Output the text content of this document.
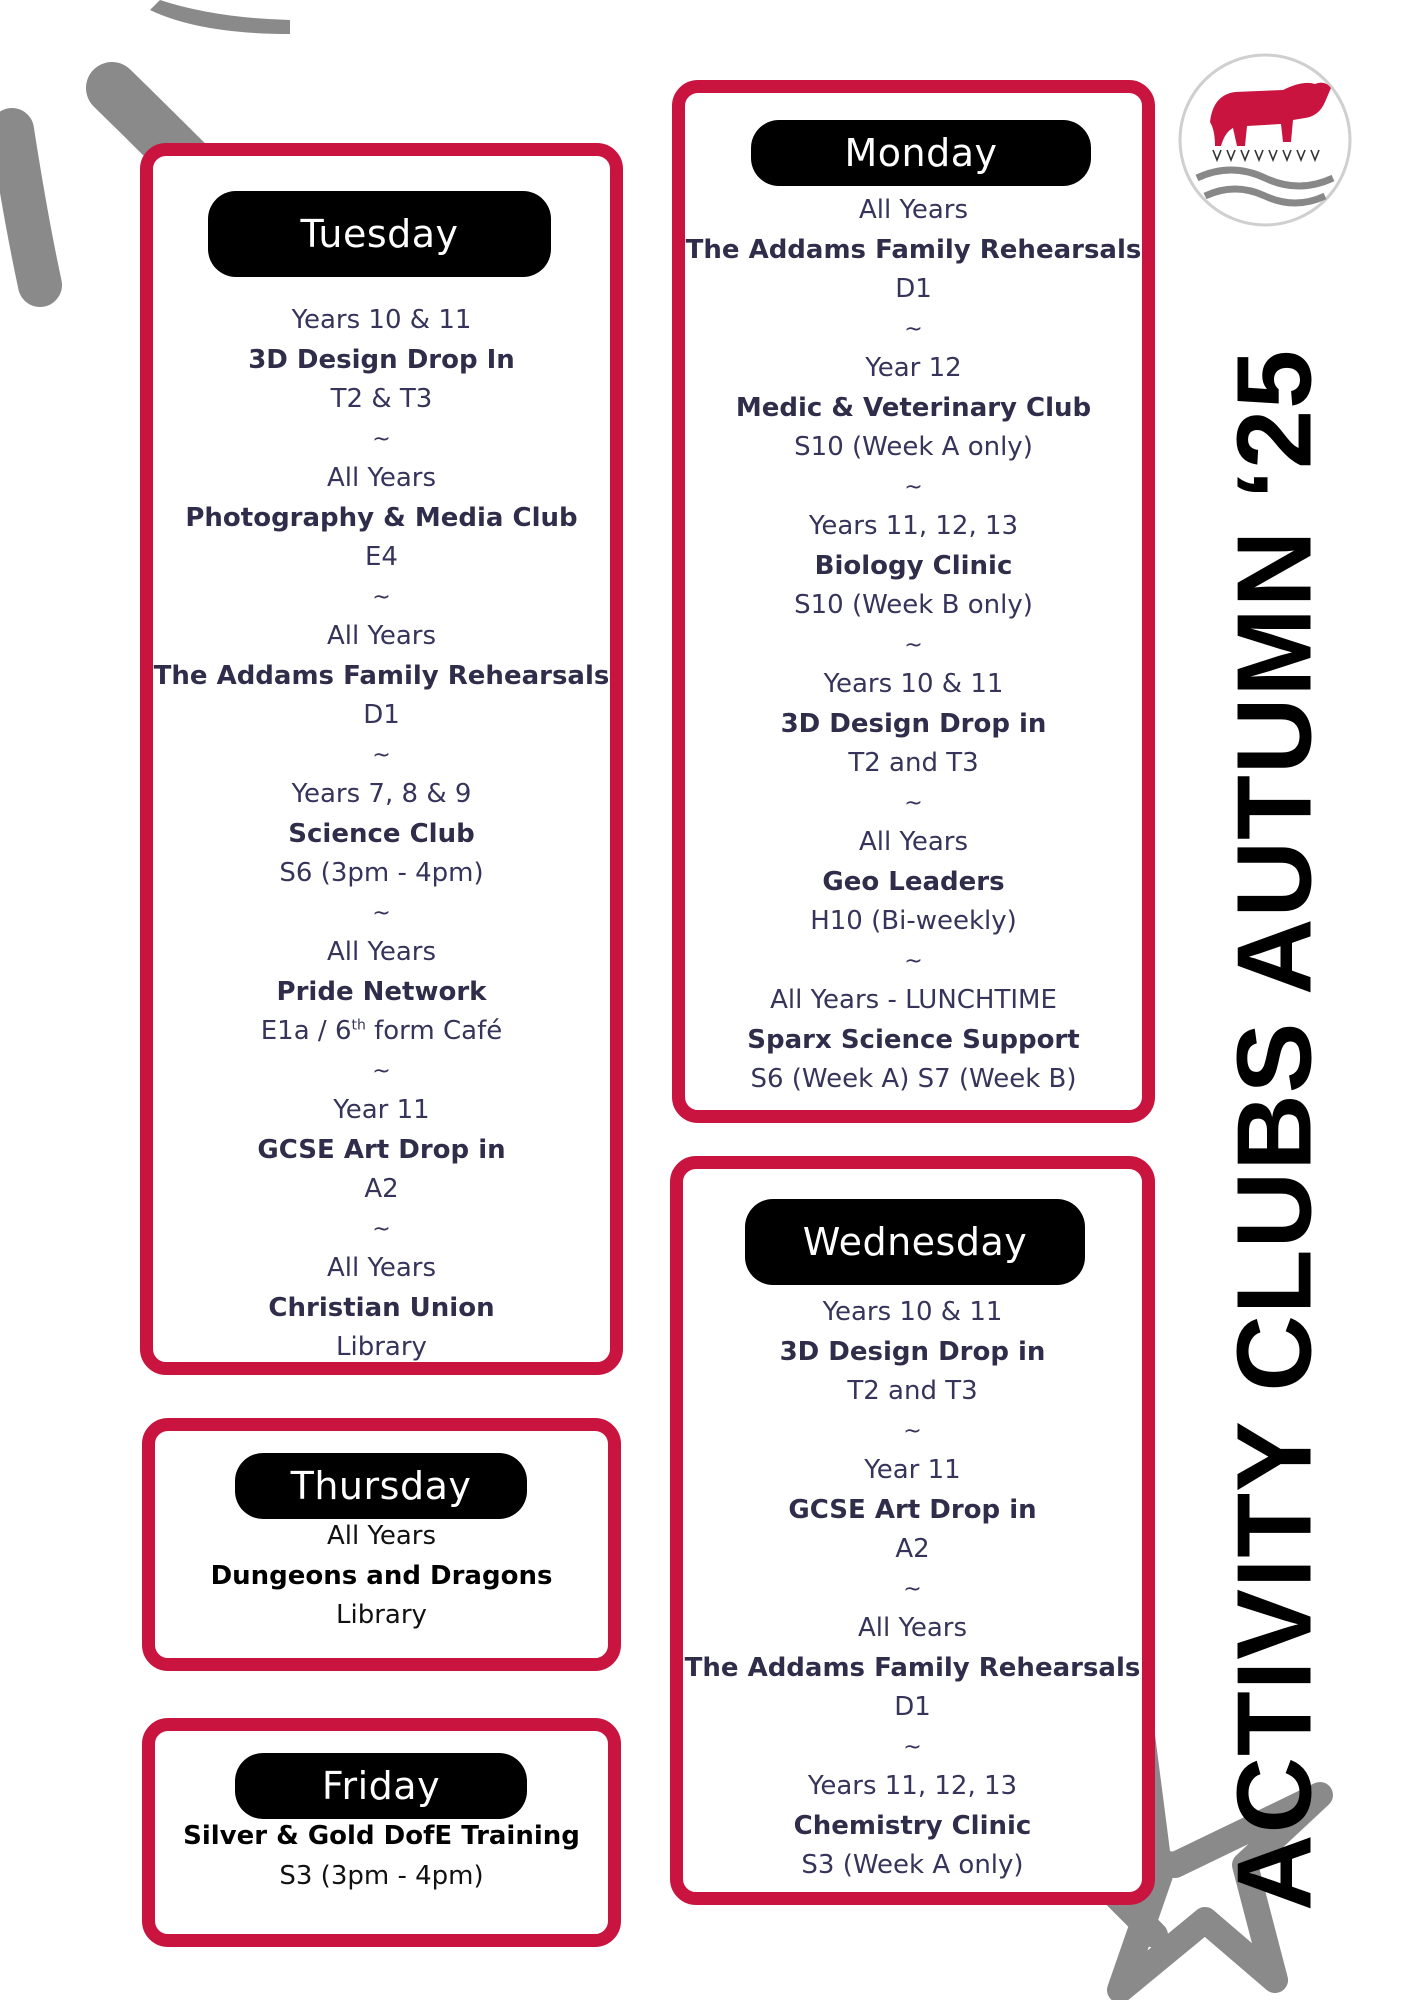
ACTIVITY CLUBS AUTUMN ‘25
Tuesday
Years 10 & 11
3D Design Drop In
T2 & T3
~
All Years
Photography & Media Club
E4
~
All Years
The Addams Family Rehearsals
D1
~
Years 7, 8 & 9
Science Club
S6 (3pm - 4pm)
~
All Years
Pride Network
E1a / 6th form Café
~
Year 11
GCSE Art Drop in
A2
~
All Years
Christian Union
Library
Monday
All Years
The Addams Family Rehearsals
D1
~
Year 12
Medic & Veterinary Club
S10 (Week A only)
~
Years 11, 12, 13
Biology Clinic
S10 (Week B only)
~
Years 10 & 11
3D Design Drop in
T2 and T3
~
All Years
Geo Leaders
H10 (Bi-weekly)
~
All Years - LUNCHTIME
Sparx Science Support
S6 (Week A) S7 (Week B)
Wednesday
Years 10 & 11
3D Design Drop in
T2 and T3
~
Year 11
GCSE Art Drop in
A2
~
All Years
The Addams Family Rehearsals
D1
~
Years 11, 12, 13
Chemistry Clinic
S3 (Week A only)
Thursday
All Years
Dungeons and Dragons
Library
Friday
Silver & Gold DofE Training
S3 (3pm - 4pm)
